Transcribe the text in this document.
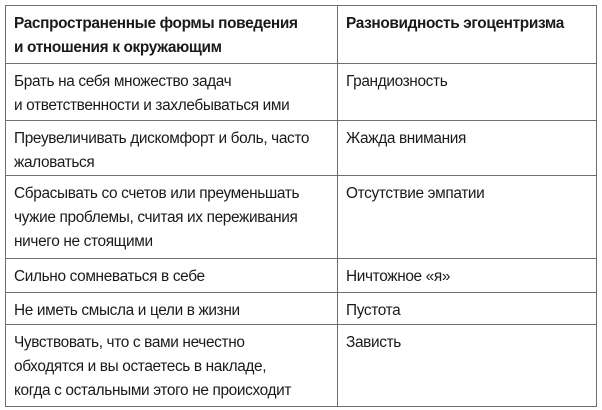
Распространенные формы поведения
и отношения к окружающим	Разновидность эгоцентризма

Брать на себя множество задач
и ответственности и захлебываться ими	Грандиозность

Преувеличивать дискомфорт и боль, часто
жаловаться	Жажда внимания

Сбрасывать со счетов или преуменьшать
чужие проблемы, считая их переживания
ничего не стоящими	Отсутствие эмпатии

Сильно сомневаться в себе	Ничтожное «я»

Не иметь смысла и цели в жизни	Пустота

Чувствовать, что с вами нечестно
обходятся и вы остаетесь в накладе,
когда с остальными этого не происходит	Зависть
